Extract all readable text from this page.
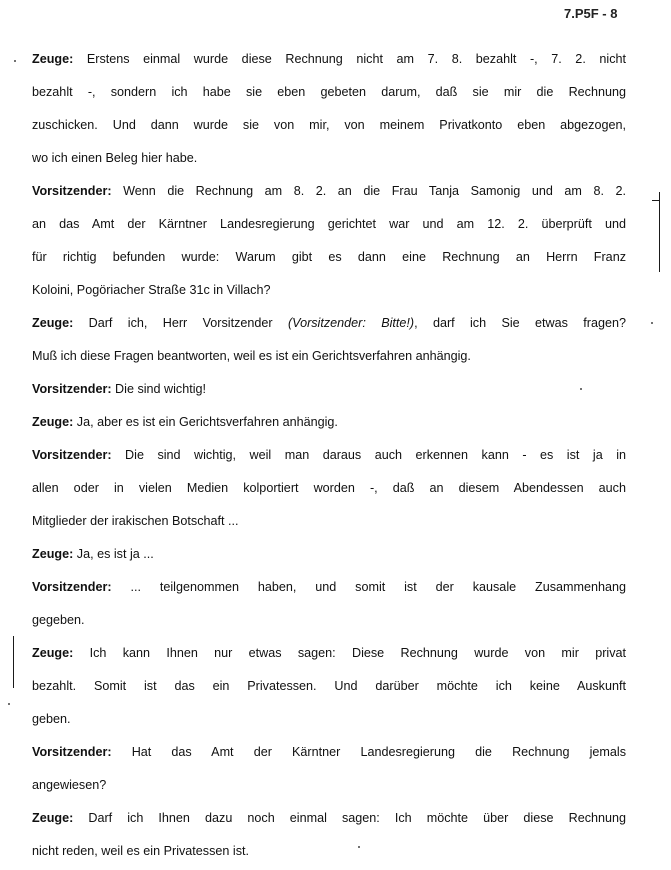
7.P5F - 8
Zeuge: Erstens einmal wurde diese Rechnung nicht am 7. 8. bezahlt -, 7. 2. nicht
bezahlt -, sondern ich habe sie eben gebeten darum, daß sie mir die Rechnung
zuschicken. Und dann wurde sie von mir, von meinem Privatkonto eben abgezogen,
wo ich einen Beleg hier habe.
Vorsitzender: Wenn die Rechnung am 8. 2. an die Frau Tanja Samonig und am 8. 2.
an das Amt der Kärntner Landesregierung gerichtet war und am 12. 2. überprüft und
für richtig befunden wurde: Warum gibt es dann eine Rechnung an Herrn Franz
Koloini, Pogöriacher Straße 31c in Villach?
Zeuge: Darf ich, Herr Vorsitzender (Vorsitzender: Bitte!), darf ich Sie etwas fragen?
Muß ich diese Fragen beantworten, weil es ist ein Gerichtsverfahren anhängig.
Vorsitzender: Die sind wichtig!
Zeuge: Ja, aber es ist ein Gerichtsverfahren anhängig.
Vorsitzender: Die sind wichtig, weil man daraus auch erkennen kann - es ist ja in
allen oder in vielen Medien kolportiert worden -, daß an diesem Abendessen auch
Mitglieder der irakischen Botschaft ...
Zeuge: Ja, es ist ja ...
Vorsitzender: ... teilgenommen haben, und somit ist der kausale Zusammenhang
gegeben.
Zeuge: Ich kann Ihnen nur etwas sagen: Diese Rechnung wurde von mir privat
bezahlt. Somit ist das ein Privatessen. Und darüber möchte ich keine Auskunft
geben.
Vorsitzender: Hat das Amt der Kärntner Landesregierung die Rechnung jemals
angewiesen?
Zeuge: Darf ich Ihnen dazu noch einmal sagen: Ich möchte über diese Rechnung
nicht reden, weil es ein Privatessen ist.
